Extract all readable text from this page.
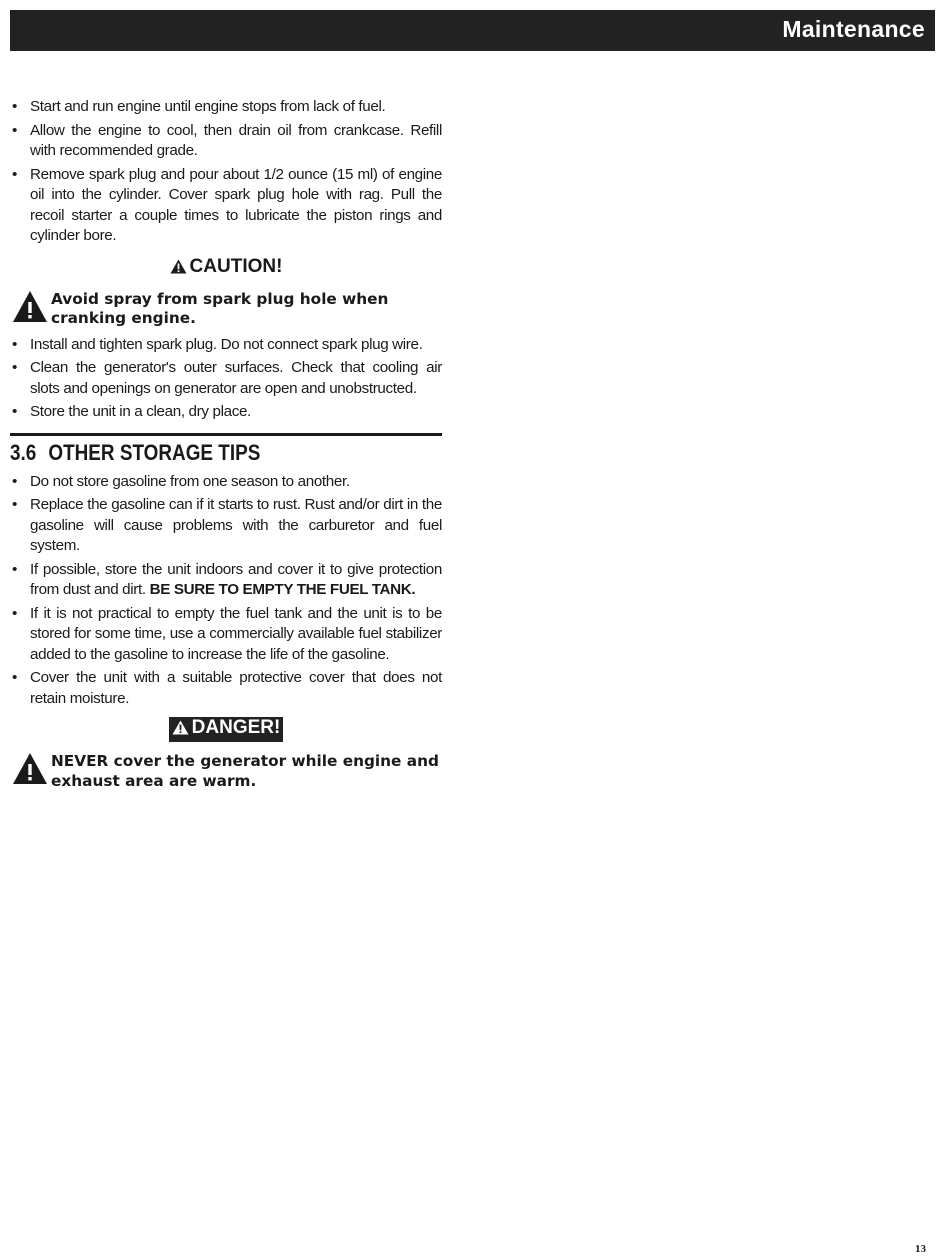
Maintenance
• Start and run engine until engine stops from lack of fuel.
• Allow the engine to cool, then drain oil from crankcase. Refill with recommended grade.
• Remove spark plug and pour about 1/2 ounce (15 ml) of engine oil into the cylinder. Cover spark plug hole with rag. Pull the recoil starter a couple times to lubricate the piston rings and cylinder bore.
CAUTION!
Avoid spray from spark plug hole when cranking engine.
• Install and tighten spark plug. Do not connect spark plug wire.
• Clean the generator's outer surfaces. Check that cooling air slots and openings on generator are open and unobstructed.
• Store the unit in a clean, dry place.
3.6 OTHER STORAGE TIPS
• Do not store gasoline from one season to another.
• Replace the gasoline can if it starts to rust. Rust and/or dirt in the gasoline will cause problems with the carburetor and fuel system.
• If possible, store the unit indoors and cover it to give protection from dust and dirt. BE SURE TO EMPTY THE FUEL TANK.
• If it is not practical to empty the fuel tank and the unit is to be stored for some time, use a commercially available fuel stabilizer added to the gasoline to increase the life of the gasoline.
• Cover the unit with a suitable protective cover that does not retain moisture.
DANGER!
NEVER cover the generator while engine and exhaust area are warm.
13
